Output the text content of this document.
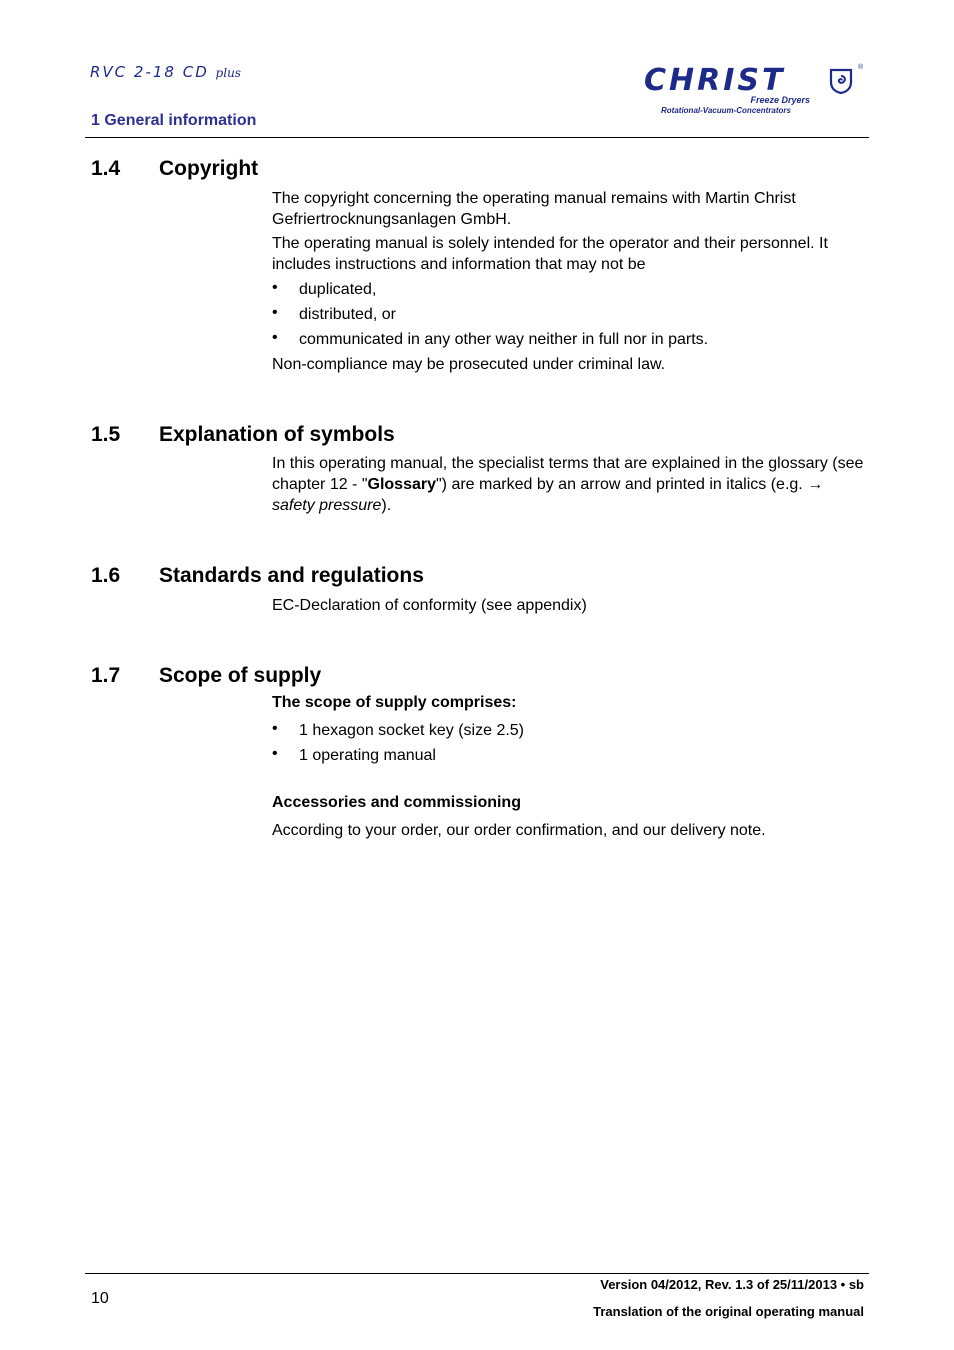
RVC 2-18 CD plus
1 General information
CHRIST	®
Freeze Dryers
Rotational-Vacuum-Concentrators
1.4 Copyright
The copyright concerning the operating manual remains with Martin Christ Gefriertrocknungsanlagen GmbH.
The operating manual is solely intended for the operator and their personnel. It includes instructions and information that may not be
• duplicated,
• distributed, or
• communicated in any other way neither in full nor in parts.
Non-compliance may be prosecuted under criminal law.
1.5 Explanation of symbols
In this operating manual, the specialist terms that are explained in the glossary (see chapter 12 - "Glossary") are marked by an arrow and printed in italics (e.g. → safety pressure).
1.6 Standards and regulations
EC-Declaration of conformity (see appendix)
1.7 Scope of supply
The scope of supply comprises:
• 1 hexagon socket key (size 2.5)
• 1 operating manual
Accessories and commissioning
According to your order, our order confirmation, and our delivery note.
10
Version 04/2012, Rev. 1.3 of 25/11/2013 • sb
Translation of the original operating manual
